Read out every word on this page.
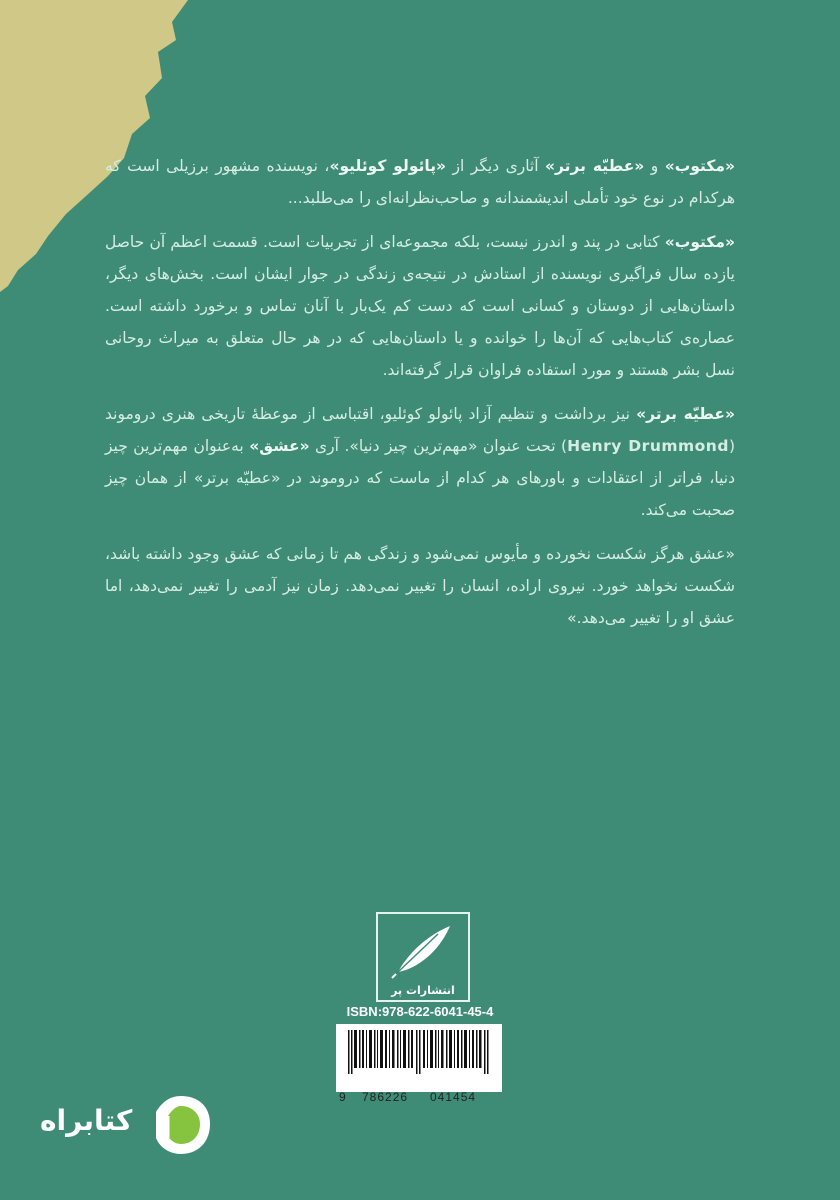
«مکتوب» و «عطیّه برتر» آثاری دیگر از «پائولو کوئلیو»، نویسنده مشهور برزیلی است که هرکدام در نوع خود تأملی اندیشمندانه و صاحب‌نظرانه‌ای را می‌طلبد...

«مکتوب» کتابی در پند و اندرز نیست، بلکه مجموعه‌ای از تجربیات است. قسمت اعظم آن حاصل یازده سال فراگیری نویسنده از استادش در نتیجه‌ی زندگی در جوار ایشان است. بخش‌های دیگر، داستان‌هایی از دوستان و کسانی است که دست کم یک‌بار با آنان تماس و برخورد داشته است. عصاره‌ی کتاب‌هایی که آن‌ها را خوانده و یا داستان‌هایی که در هر حال متعلق به میراث روحانی نسل بشر هستند و مورد استفاده فراوان قرار گرفته‌اند.

«عطیّه برتر» نیز برداشت و تنظیم آزاد پائولو کوئلیو، اقتباسی از موعظهٔ تاریخی هنری دروموند (Henry Drummond) تحت عنوان «مهم‌ترین چیز دنیا». آری «عشق» به‌عنوان مهم‌ترین چیز دنیا، فراتر از اعتقادات و باورهای هر کدام از ماست که دروموند در «عطیّه برتر» از همان چیز صحبت می‌کند.

«عشق هرگز شکست نخورده و مأیوس نمی‌شود و زندگی هم تا زمانی که عشق وجود داشته باشد، شکست نخواهد خورد. نیروی اراده، انسان را تغییر نمی‌دهد. زمان نیز آدمی را تغییر نمی‌دهد، اما عشق او را تغییر می‌دهد.»

انتشارات پر
ISBN:978-622-6041-45-4
9 786226 041454
کتابراه
